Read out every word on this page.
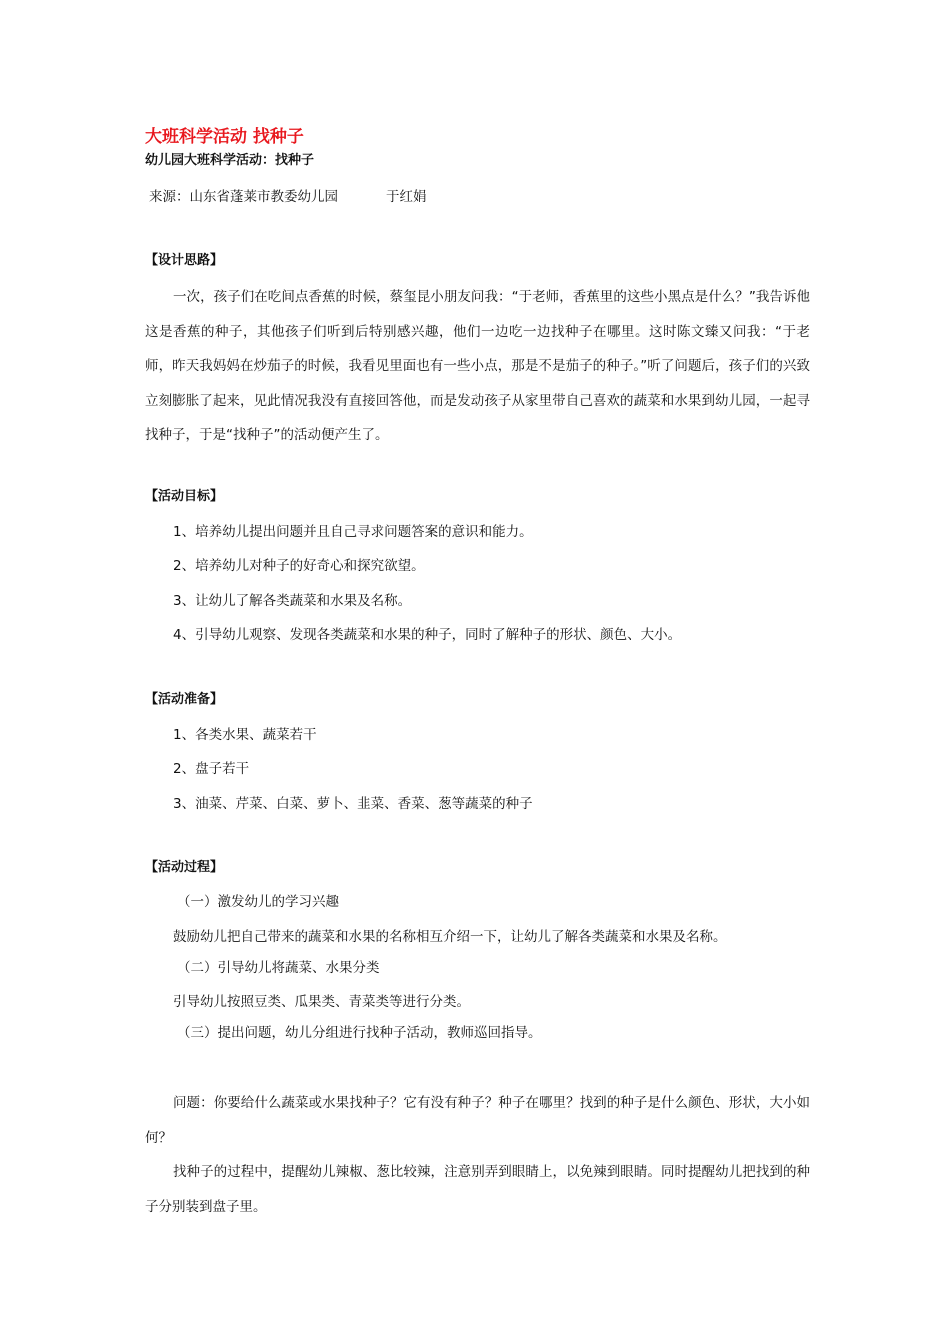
大班科学活动 找种子
幼儿园大班科学活动：找种子
来源：山东省蓬莱市教委幼儿园	于红娟
【设计思路】

一次，孩子们在吃间点香蕉的时候，蔡玺昆小朋友问我：“于老师，香蕉里的这些小黑点是什么？”我告诉他这是香蕉的种子，其他孩子们听到后特别感兴趣，他们一边吃一边找种子在哪里。这时陈文臻又问我：“于老师，昨天我妈妈在炒茄子的时候，我看见里面也有一些小点，那是不是茄子的种子。”听了问题后，孩子们的兴致立刻膨胀了起来，见此情况我没有直接回答他，而是发动孩子从家里带自己喜欢的蔬菜和水果到幼儿园，一起寻找种子，于是“找种子”的活动便产生了。

【活动目标】
1、培养幼儿提出问题并且自己寻求问题答案的意识和能力。
2、培养幼儿对种子的好奇心和探究欲望。
3、让幼儿了解各类蔬菜和水果及名称。
4、引导幼儿观察、发现各类蔬菜和水果的种子，同时了解种子的形状、颜色、大小。
【活动准备】
1、各类水果、蔬菜若干
2、盘子若干
3、油菜、芹菜、白菜、萝卜、韭菜、香菜、葱等蔬菜的种子
【活动过程】
（一）激发幼儿的学习兴趣
鼓励幼儿把自己带来的蔬菜和水果的名称相互介绍一下，让幼儿了解各类蔬菜和水果及名称。
（二）引导幼儿将蔬菜、水果分类
引导幼儿按照豆类、瓜果类、青菜类等进行分类。
（三）提出问题，幼儿分组进行找种子活动，教师巡回指导。

问题：你要给什么蔬菜或水果找种子？它有没有种子？种子在哪里？找到的种子是什么颜色、形状，大小如何？

找种子的过程中，提醒幼儿辣椒、葱比较辣，注意别弄到眼睛上，以免辣到眼睛。同时提醒幼儿把找到的种子分别装到盘子里。
